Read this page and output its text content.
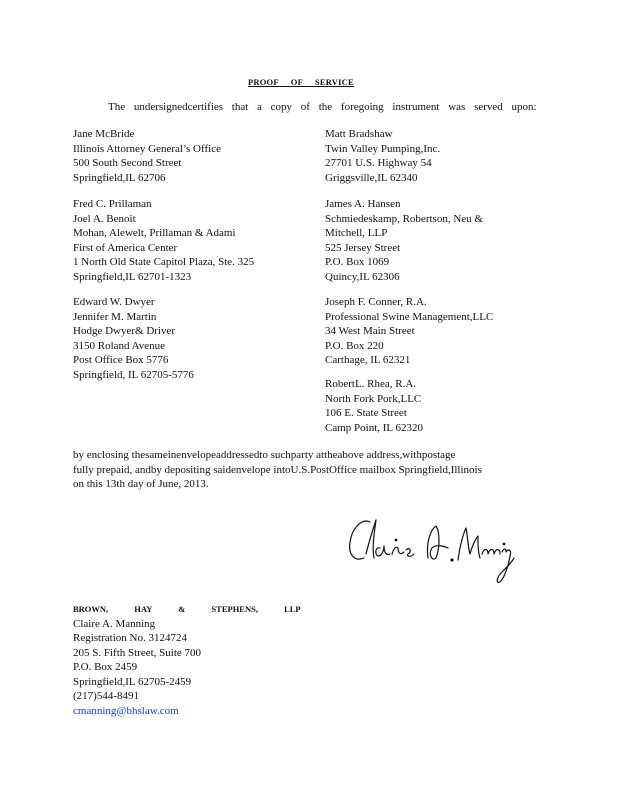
PROOF OF SERVICE
The undersignedcertifies that a copy of the foregoing instrument was served upon:
Jane McBride
Illinois Attorney General’s Office
500 South Second Street
Springfield,IL 62706
Fred C. Prillaman
Joel A. Benoit
Mohan, Alewelt, Prillaman & Adami
First of America Center
1 North Old State Capitol Plaza, Ste. 325
Springfield,IL 62701-1323
Edward W. Dwyer
Jennifer M. Martin
Hodge Dwyer& Driver
3150 Roland Avenue
Post Office Box 5776
Springfield, IL 62705-5776
Matt Bradshaw
Twin Valley Pumping,Inc.
27701 U.S. Highway 54
Griggsville,IL 62340
James A. Hansen
Schmiedeskamp, Robertson, Neu &
Mitchell, LLP
525 Jersey Street
P.O. Box 1069
Quincy,IL 62306
Joseph F. Conner, R.A.
Professional Swine Management,LLC
34 West Main Street
P.O. Box 220
Carthage, IL 62321
RobertL. Rhea, R.A.
North Fork Pork,LLC
106 E. State Street
Camp Point, IL 62320
by enclosing thesameinenvelopeaddressedto suchparty attheabove address,withpostage
fully prepaid, andby depositing saidenvelope intoU.S.PostOffice mailbox Springfield,Illinois
on this 13th day of June, 2013.
BROWN, HAY & STEPHENS, LLP
Claire A. Manning
Registration No. 3124724
205 S. Fifth Street, Suite 700
P.O. Box 2459
Springfield,IL 62705-2459
(217)544-8491
cmanning@bhslaw.com
